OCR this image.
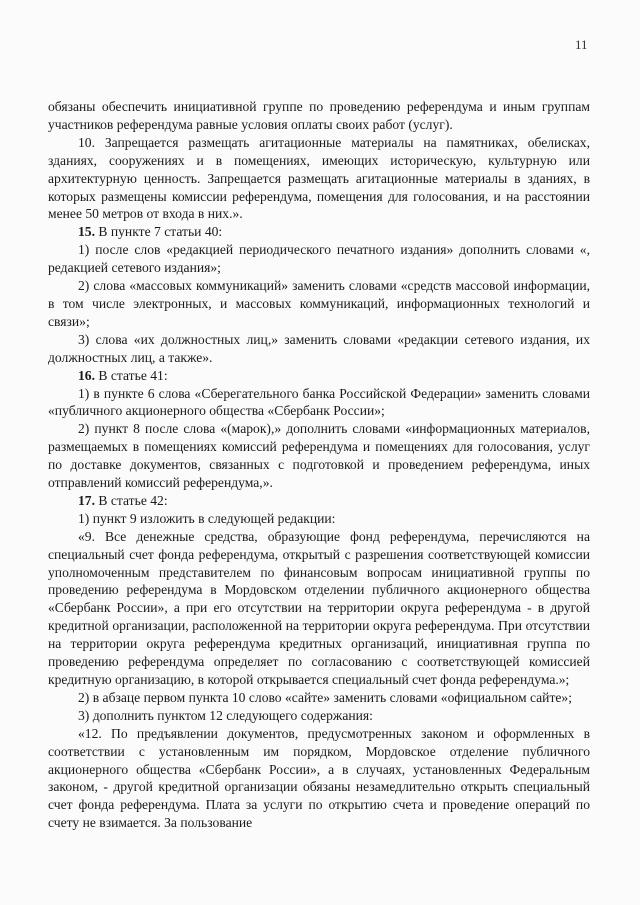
11

обязаны обеспечить инициативной группе по проведению референдума и иным группам участников референдума равные условия оплаты своих работ (услуг).

10. Запрещается размещать агитационные материалы на памятниках, обелисках, зданиях, сооружениях и в помещениях, имеющих историческую, культурную или архитектурную ценность. Запрещается размещать агитационные материалы в зданиях, в которых размещены комиссии референдума, помещения для голосования, и на расстоянии менее 50 метров от входа в них.».

15. В пункте 7 статьи 40:

1) после слов «редакцией периодического печатного издания» дополнить словами «, редакцией сетевого издания»;

2) слова «массовых коммуникаций» заменить словами «средств массовой информации, в том числе электронных, и массовых коммуникаций, информационных технологий и связи»;

3) слова «их должностных лиц,» заменить словами «редакции сетевого издания, их должностных лиц, а также».

16. В статье 41:

1) в пункте 6 слова «Сберегательного банка Российской Федерации» заменить словами «публичного акционерного общества «Сбербанк России»;

2) пункт 8 после слова «(марок),» дополнить словами «информационных материалов, размещаемых в помещениях комиссий референдума и помещениях для голосования, услуг по доставке документов, связанных с подготовкой и проведением референдума, иных отправлений комиссий референдума,».

17. В статье 42:

1) пункт 9 изложить в следующей редакции:

«9. Все денежные средства, образующие фонд референдума, перечисляются на специальный счет фонда референдума, открытый с разрешения соответствующей комиссии уполномоченным представителем по финансовым вопросам инициативной группы по проведению референдума в Мордовском отделении публичного акционерного общества «Сбербанк России», а при его отсутствии на территории округа референдума - в другой кредитной организации, расположенной на территории округа референдума. При отсутствии на территории округа референдума кредитных организаций, инициативная группа по проведению референдума определяет по согласованию с соответствующей комиссией кредитную организацию, в которой открывается специальный счет фонда референдума.»;

2) в абзаце первом пункта 10 слово «сайте» заменить словами «официальном сайте»;

3) дополнить пунктом 12 следующего содержания:

«12. По предъявлении документов, предусмотренных законом и оформленных в соответствии с установленным им порядком, Мордовское отделение публичного акционерного общества «Сбербанк России», а в случаях, установленных Федеральным законом, - другой кредитной организации обязаны незамедлительно открыть специальный счет фонда референдума. Плата за услуги по открытию счета и проведение операций по счету не взимается. За пользование
